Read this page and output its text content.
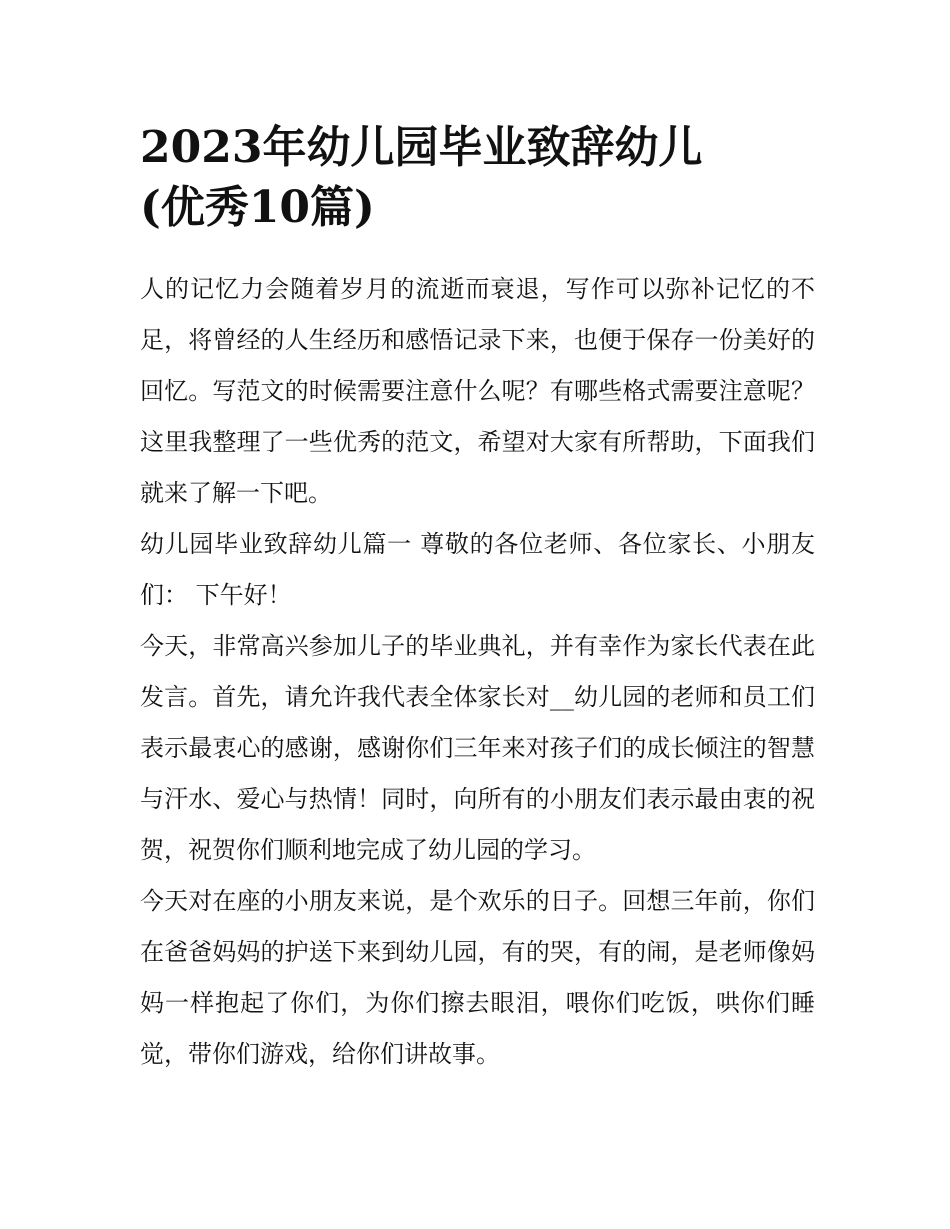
2023年幼儿园毕业致辞幼儿
(优秀10篇)

人的记忆力会随着岁月的流逝而衰退，写作可以弥补记忆的不足，将曾经的人生经历和感悟记录下来，也便于保存一份美好的回忆。写范文的时候需要注意什么呢？有哪些格式需要注意呢？这里我整理了一些优秀的范文，希望对大家有所帮助，下面我们就来了解一下吧。

幼儿园毕业致辞幼儿篇一 尊敬的各位老师、各位家长、小朋友们： 下午好！

今天，非常高兴参加儿子的毕业典礼，并有幸作为家长代表在此发言。首先，请允许我代表全体家长对__幼儿园的老师和员工们表示最衷心的感谢，感谢你们三年来对孩子们的成长倾注的智慧与汗水、爱心与热情！同时，向所有的小朋友们表示最由衷的祝贺，祝贺你们顺利地完成了幼儿园的学习。

今天对在座的小朋友来说，是个欢乐的日子。回想三年前，你们在爸爸妈妈的护送下来到幼儿园，有的哭，有的闹，是老师像妈妈一样抱起了你们，为你们擦去眼泪，喂你们吃饭，哄你们睡觉，带你们游戏，给你们讲故事。
